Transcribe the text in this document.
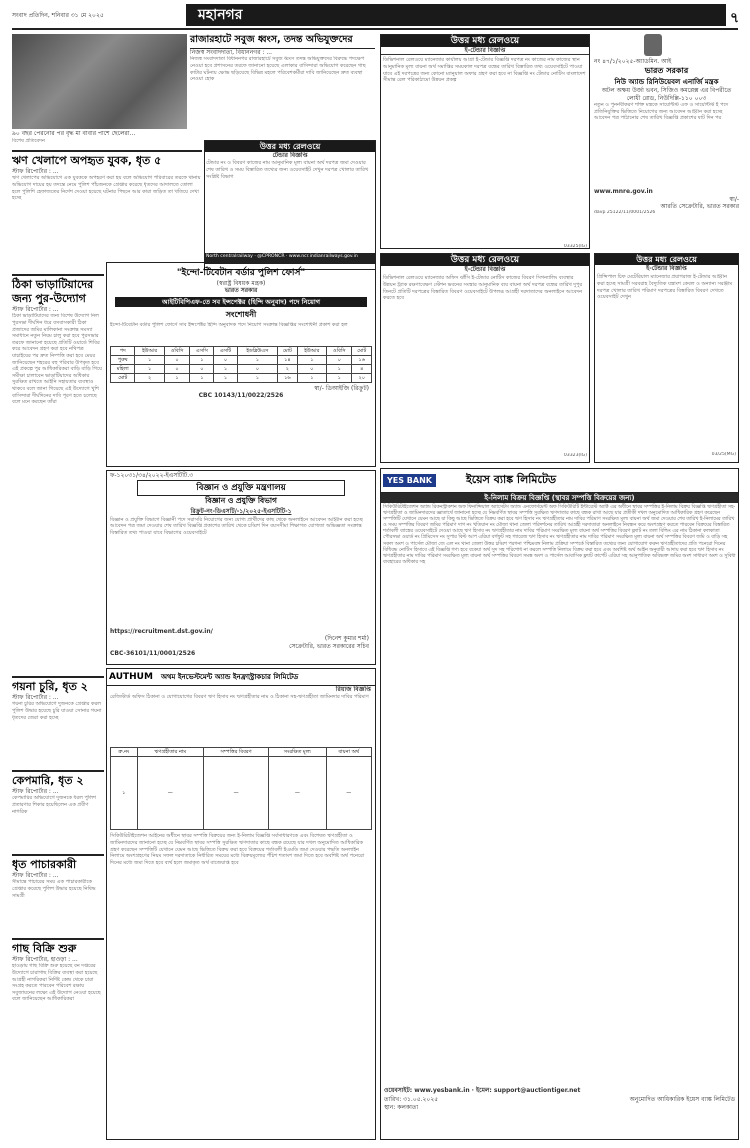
সংবাদ প্রতিদিন, শনিবার ৩১ মে ২০২৫	মহানগর	৭
৯০ বছর পেরনোর পর বৃদ্ধ মা বাবার পাশে ছেলেরা...
বিশেষ প্রতিবেদন

রাজারহাটে সবুজ ধ্বংস, তদন্ত অভিযুক্তদের

নিজস্ব সংবাদদাতা, বিধাননগর : ...

নিজস্ব সংবাদদাতা বিধাননগর রাজারহাটে সবুজ ধ্বংস তদন্ত অভিযুক্তদের বিরুদ্ধে পদক্ষেপ নেওয়া হবে প্রশাসনের তরফে জানানো হয়েছে এলাকার বাসিন্দারা অভিযোগ করেছেন গাছ কাটার ঘটনায় ক্ষোভ ছড়িয়েছে বিভিন্ন মহলে পরিবেশকর্মীরা দাবি জানিয়েছেন দ্রুত ব্যবস্থা নেওয়া হোক

ঋণ খেলাপে অপহৃত যুবক, ধৃত ৫

স্টাফ রিপোর্টার : ...

ঋণ খেলাপের অভিযোগে এক যুবককে অপহরণ করা হয় বলে অভিযোগ পরিবারের তরফে থানায় অভিযোগ দায়ের হয় তদন্তে নেমে পুলিশ পাঁচজনকে গ্রেপ্তার করেছে ধৃতদের আদালতে তোলা হলে পুলিশি হেফাজতের নির্দেশ দেওয়া হয়েছে ঘটনার পিছনে আর কারা জড়িত তা খতিয়ে দেখা হচ্ছে
উত্তর মধ্য রেলওয়ে
টেন্ডার বিজ্ঞপ্তি
টেন্ডার নং ও বিবরণ কাজের নাম আনুমানিক মূল্য বায়না অর্থ দরপত্র জমা দেওয়ার শেষ তারিখ ও সময় বিস্তারিত তথ্যের জন্য ওয়েবসাইট দেখুন দরপত্র খোলার তারিখ সংশ্লিষ্ট বিভাগ
North centralrailway · @CPRONCR · www.ncr.indianrailways.gov.in
উত্তর মধ্য রেলওয়ে
ই-টেন্ডার বিজ্ঞপ্তি
ডিভিশনাল রেলওয়ে ম্যানেজার কার্যালয় আগ্রা ই-টেন্ডার বিজ্ঞপ্তি দরপত্র নং কাজের নাম কাজের স্থান আনুমানিক মূল্য বায়না অর্থ সমাপ্তির সময়কাল দরপত্র বন্ধের তারিখ বিস্তারিত তথ্য ওয়েবসাইটে পাওয়া যাবে এই দরপত্রের জন্য কোনো ম্যানুয়াল অফার গ্রহণ করা হবে না বিজ্ঞপ্তি নং টেন্ডার নোটিস বাংলাদেশ সীমান্ত রেল পরিকাঠামো উন্নয়ন প্রকল্প
03325(IG)
নং ৪৭/১/২০২৫-অ্যাডমিন. আই

ভারত সরকার

নিউ অ্যান্ড রিনিউয়েবল এনার্জি মন্ত্রক

অটল অক্ষয় উর্জা ভবন, সিজিও কমপ্লেক্স এর বিপরীতে লোধী রোড, নিউদিল্লি-১১০ ০০৩

নতুন ও পুনর্নবীকরণ শক্তি মন্ত্রকে সায়েন্টিস্ট এফ ও সায়েন্টিস্ট ই পদে প্রতিনিযুক্তির ভিত্তিতে নিয়োগের জন্য আবেদন আহ্বান করা হচ্ছে আবেদন পত্র পাঠানোর শেষ তারিখ বিজ্ঞপ্তি প্রকাশের ষাট দিন পর
www.mnre.gov.in
স্বা/-
আরতি সেক্রেটারি, ভারত সরকার
davp 25122/11/0001/2526

ঠিকা ভাড়াটিয়াদের জন্য পুর-উদ্যোগ

স্টাফ রিপোর্টার : ...

ঠিকা ভাড়াটিয়াদের জন্য বিশেষ উদ্যোগ নিল পুরসভা দীর্ঘদিন ধরে বসবাসকারী ঠিকা প্রজাদের জমির মালিকানা সংক্রান্ত সমস্যা সমাধানে নতুন নিয়ম চালু করা হবে পুরসভার তরফে জানানো হয়েছে প্রতিটি ওয়ার্ডে শিবির করে আবেদন গ্রহণ করা হবে নথিপত্র যাচাইয়ের পর দ্রুত নিষ্পত্তি করা হবে মেয়র জানিয়েছেন শহরের বহু পরিবার উপকৃত হবে এই প্রকল্পে পুর আধিকারিকরা বাড়ি বাড়ি গিয়ে সমীক্ষা চালাবেন ভাড়াটিয়াদের অধিকার সুরক্ষিত রাখতে আইনি সহায়তার ব্যবস্থাও থাকবে বলে জানা গিয়েছে এই উদ্যোগে খুশি বাসিন্দারা দীর্ঘদিনের দাবি পূরণ হতে চলেছে বলে মনে করছেন তাঁরা

"ইন্দো-টিবেটান বর্ডার পুলিশ ফোর্স"

(স্বরাষ্ট্র বিষয়ক মন্ত্রক)

ভারত সরকার

আইটিবিপিএফ-তে সব ইন্সপেক্টর (হিন্দি অনুবাদ) পদে নিয়োগ

সংশোধনী

ইন্দো-টিবেটান বর্ডার পুলিশ ফোর্সে সাব ইন্সপেক্টর হিন্দি অনুবাদক পদে নিয়োগ সংক্রান্ত বিজ্ঞপ্তির সংশোধনী প্রকাশ করা হল
পদ	ইউআর	ওবিসি	এসসি	এসটি	ইডব্লিউএস	মোট	ইউআর	ওবিসি	মোট
পুরুষ	১	০	১	০	১	১৪	১	০	১৬
মহিলা	১	০	০	১	০	২	০	১	৪
মোট	২	১	১	১	১	১৬	১	১	২০
স্বা/- ডিআইজি (রিক্রুট)
CBC 10143/11/0022/2526
উত্তর মধ্য রেলওয়ে
ই-টেন্ডার বিজ্ঞপ্তি
ডিভিশনাল রেলওয়ে ম্যানেজার অফিস ঝাঁসি ই-টেন্ডার নোটিস কাজের বিবরণ সিগন্যালিং ব্যবস্থার উন্নয়ন ট্র্যাক রক্ষণাবেক্ষণ স্টেশন ভবনের সংস্কার আনুমানিক ব্যয় বায়না অর্থ দরপত্র বন্ধের তারিখ দুপুর তিনটে প্রতিটি দরপত্রের বিস্তারিত বিবরণ ওয়েবসাইটে উপলব্ধ আগ্রহী দরদাতাদের অনলাইনে আবেদন করতে হবে
03323(IG)
উত্তর মধ্য রেলওয়ে
ই-টেন্ডার বিজ্ঞপ্তি
প্রিন্সিপাল চিফ মেটেরিয়াল ম্যানেজার প্রয়াগরাজ ই-টেন্ডার আহ্বান করা হচ্ছে সামগ্রী সরবরাহ বৈদ্যুতিক যন্ত্রাংশ কেবল ও অন্যান্য সরঞ্জাম দরপত্র খোলার তারিখ পরিমাণ দরপত্রের বিস্তারিত বিবরণ দেখতে ওয়েবসাইট দেখুন
03/25(MG)
ফ-১২০৩১/৩৪/২০২২-ইএসটিটি.৩

বিজ্ঞান ও প্রযুক্তি মন্ত্রণালয়

বিজ্ঞান ও প্রযুক্তি বিভাগ

রিক্রুট-নং-ডিএসটি/-১/২০২৫-ইএসটিটি-১

বিজ্ঞান ও প্রযুক্তি বিভাগে বিজ্ঞানী পদে সরাসরি নিয়োগের জন্য যোগ্য প্রার্থীদের কাছ থেকে অনলাইনে আবেদন আহ্বান করা হচ্ছে আবেদন পত্র জমা দেওয়ার শেষ তারিখ বিজ্ঞপ্তি প্রকাশের তারিখ থেকে চব্বিশ দিন বয়সসীমা শিক্ষাগত যোগ্যতা অভিজ্ঞতা সংক্রান্ত বিস্তারিত তথ্য পাওয়া যাবে বিভাগের ওয়েবসাইটে
https://recruitment.dst.gov.in/
(দিনেশ কুমার শর্মা)
সেক্রেটারি, ভারত সরকারের সচিব
CBC-36101/11/0001/2526
YES BANK	ইয়েস ব্যাঙ্ক লিমিটেড
ই-নিলাম বিক্রয় বিজ্ঞপ্তি (স্থাবর সম্পত্তি বিক্রয়ের জন্য)
সিকিউরিটাইজেশন অ্যান্ড রিকনস্ট্রাকশন অফ ফিনান্সিয়াল অ্যাসেটস অ্যান্ড এনফোর্সমেন্ট অফ সিকিউরিটি ইন্টারেস্ট অ্যাক্ট এর অধীনে স্থাবর সম্পত্তির ই-নিলাম বিক্রয় বিজ্ঞপ্তি ঋণগ্রহীতা সহ-ঋণগ্রহীতা ও জামিনদারদের জ্ঞাতার্থে জানানো হচ্ছে যে নিম্নবর্ণিত স্থাবর সম্পত্তি সুরক্ষিত ঋণদাতার কাছে বন্ধক রাখা আছে যার প্রতীকী দখল অনুমোদিত আধিকারিক গ্রহণ করেছেন সম্পত্তিটি যেখানে যেমন আছে যা কিছু আছে ভিত্তিতে বিক্রয় করা হবে ঋণ হিসাব নং ঋণগ্রহীতার নাম দাবির পরিমাণ সংরক্ষিত মূল্য বায়না অর্থ জমা দেওয়ার শেষ তারিখ ই-নিলামের তারিখ ও সময় সম্পত্তির বিবরণ জমির পরিমাণ দাগ নং খতিয়ান নং মৌজা থানা জেলা পরিদর্শনের তারিখ আগ্রহী দরদাতারা অনলাইনে নিবন্ধন করে অংশগ্রহণ করতে পারবেন বিক্রয়ের বিস্তারিত শর্তাবলী ব্যাঙ্কের ওয়েবসাইটে দেওয়া আছে ঋণ হিসাব নং ঋণগ্রহীতার নাম দাবির পরিমাণ সংরক্ষিত মূল্য বায়না অর্থ সম্পত্তির বিবরণ ফ্ল্যাট নং তলা বিল্ডিং এর নাম ঠিকানা কলকাতা পৌরসভা ওয়ার্ড নং প্রিমিসেস নং সুপার বিল্ট আপ এরিয়া বর্গফুট সহ গ্যারেজ ঋণ হিসাব নং ঋণগ্রহীতার নাম দাবির পরিমাণ সংরক্ষিত মূল্য বায়না অর্থ সম্পত্তির বিবরণ জমি ও বাড়ি সহ সকল অংশ ও পার্সেল মৌজা জে এল নং থানা জেলা উত্তর চব্বিশ পরগনা পশ্চিমবঙ্গ নিলাম প্রক্রিয়া সম্পর্কে বিস্তারিত তথ্যের জন্য যোগাযোগ করুন ঋণগ্রহীতাদের প্রতি পনেরো দিনের বিধিবদ্ধ নোটিস হিসাবে এই বিজ্ঞপ্তি গণ্য হবে বকেয়া অর্থ সুদ সহ পরিশোধ না করলে সম্পত্তি নিলামে বিক্রয় করা হবে এবং অবশিষ্ট অর্থ আইন অনুযায়ী আদায় করা হবে ঋণ হিসাব নং ঋণগ্রহীতার নাম দাবির পরিমাণ সংরক্ষিত মূল্য বায়না অর্থ সম্পত্তির বিবরণ সমস্ত অংশ ও পার্সেল আবাসিক ফ্ল্যাট কার্পেট এরিয়া সহ আনুপাতিক অবিভক্ত জমির অংশ সাধারণ অংশ ও সুবিধা ব্যবহারের অধিকার সহ
ওয়েবসাইট: www.yesbank.in · ইমেল: support@auctiontiger.net
তারিখ: ৩১.০৫.২০২৫
স্থান: কলকাতা
অনুমোদিত আধিকারিক ইয়েস ব্যাঙ্ক লিমিটেড
AUTHUM অথম ইনভেস্টমেন্ট অ্যান্ড ইনফ্রাস্ট্রাকচার লিমিটেড
রিয়াজ বিজ্ঞপ্তি
রেজিস্টার্ড অফিস ঠিকানা ও যোগাযোগের বিবরণ ঋণ হিসাব নং ঋণগ্রহীতার নাম ও ঠিকানা সহ-ঋণগ্রহীতা জামিনদার দাবির পরিমাণ
ক্র.নং	ঋণগ্রহীতার নাম	সম্পত্তির বিবরণ	সংরক্ষিত মূল্য	বায়না অর্থ
১	—	—	—	—
সিকিউরিটাইজেশন আইনের অধীনে স্থাবর সম্পত্তি বিক্রয়ের জন্য ই-নিলাম বিজ্ঞপ্তি সর্বসাধারণকে এবং বিশেষত ঋণগ্রহীতা ও জামিনদারদের জানানো হচ্ছে যে নিম্নবর্ণিত স্থাবর সম্পত্তি সুরক্ষিত ঋণদাতার কাছে বন্ধক রয়েছে যার দখল অনুমোদিত আধিকারিক গ্রহণ করেছেন সম্পত্তিটি যেখানে যেমন আছে ভিত্তিতে বিক্রয় করা হবে বিক্রয়ের শর্তাবলী ইএমডি জমা দেওয়ার পদ্ধতি অনলাইন নিলামে অংশগ্রহণের নিয়ম সফল দরদাতাকে নির্ধারিত সময়ের মধ্যে বিক্রয়মূল্যের পঁচিশ শতাংশ জমা দিতে হবে অবশিষ্ট অর্থ পনেরো দিনের মধ্যে জমা দিতে হবে ব্যর্থ হলে জমাকৃত অর্থ বাজেয়াপ্ত হবে

গয়না চুরি, ধৃত ২

স্টাফ রিপোর্টার : ...

গয়না চুরির অভিযোগে দুজনকে গ্রেপ্তার করল পুলিশ উদ্ধার হয়েছে চুরি যাওয়া সোনার গয়না ধৃতদের জেরা করা হচ্ছে

কেপমারি, ধৃত ২

স্টাফ রিপোর্টার : ...

কেপমারির অভিযোগে দুজনকে ধরল পুলিশ প্রতারণার শিকার হয়েছিলেন এক প্রবীণ নাগরিক

ধৃত পাচারকারী

স্টাফ রিপোর্টার : ...

সীমান্তে পাচারের সময় এক পাচারকারীকে গ্রেপ্তার করেছে পুলিশ উদ্ধার হয়েছে নিষিদ্ধ সামগ্রী

গাছ বিক্রি শুরু

স্টাফ রিপোর্টার, হাওড়া : ...

হাওড়ায় গাছ বিক্রি শুরু হয়েছে বন দপ্তরের উদ্যোগে চারাগাছ বিক্রির ব্যবস্থা করা হয়েছে আগ্রহী নাগরিকরা নির্দিষ্ট কেন্দ্র থেকে চারা সংগ্রহ করতে পারবেন পরিবেশ রক্ষায় সবুজায়নের লক্ষ্যে এই উদ্যোগ নেওয়া হয়েছে বলে জানিয়েছেন আধিকারিকরা
